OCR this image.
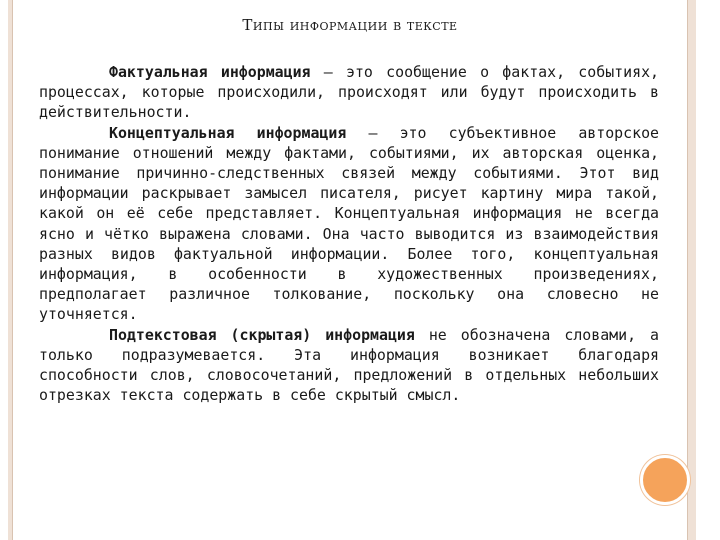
Типы информации в тексте

Фактуальная информация — это сообщение о фактах, событиях, процессах, которые происходили, происходят или будут происходить в действительности.

Концептуальная информация — это субъективное авторское понимание отношений между фактами, событиями, их авторская оценка, понимание причинно-следственных связей между событиями. Этот вид информации раскрывает замысел писателя, рисует картину мира такой, какой он её себе представляет. Концептуальная информация не всегда ясно и чётко выражена словами. Она часто выводится из взаимодействия разных видов фактуальной информации. Более того, концептуальная информация, в особенности в художественных произведениях, предполагает различное толкование, поскольку она словесно не уточняется.

Подтекстовая (скрытая) информация не обозначена словами, а только подразумевается. Эта информация возникает благодаря способности слов, словосочетаний, предложений в отдельных небольших отрезках текста содержать в себе скрытый смысл.
